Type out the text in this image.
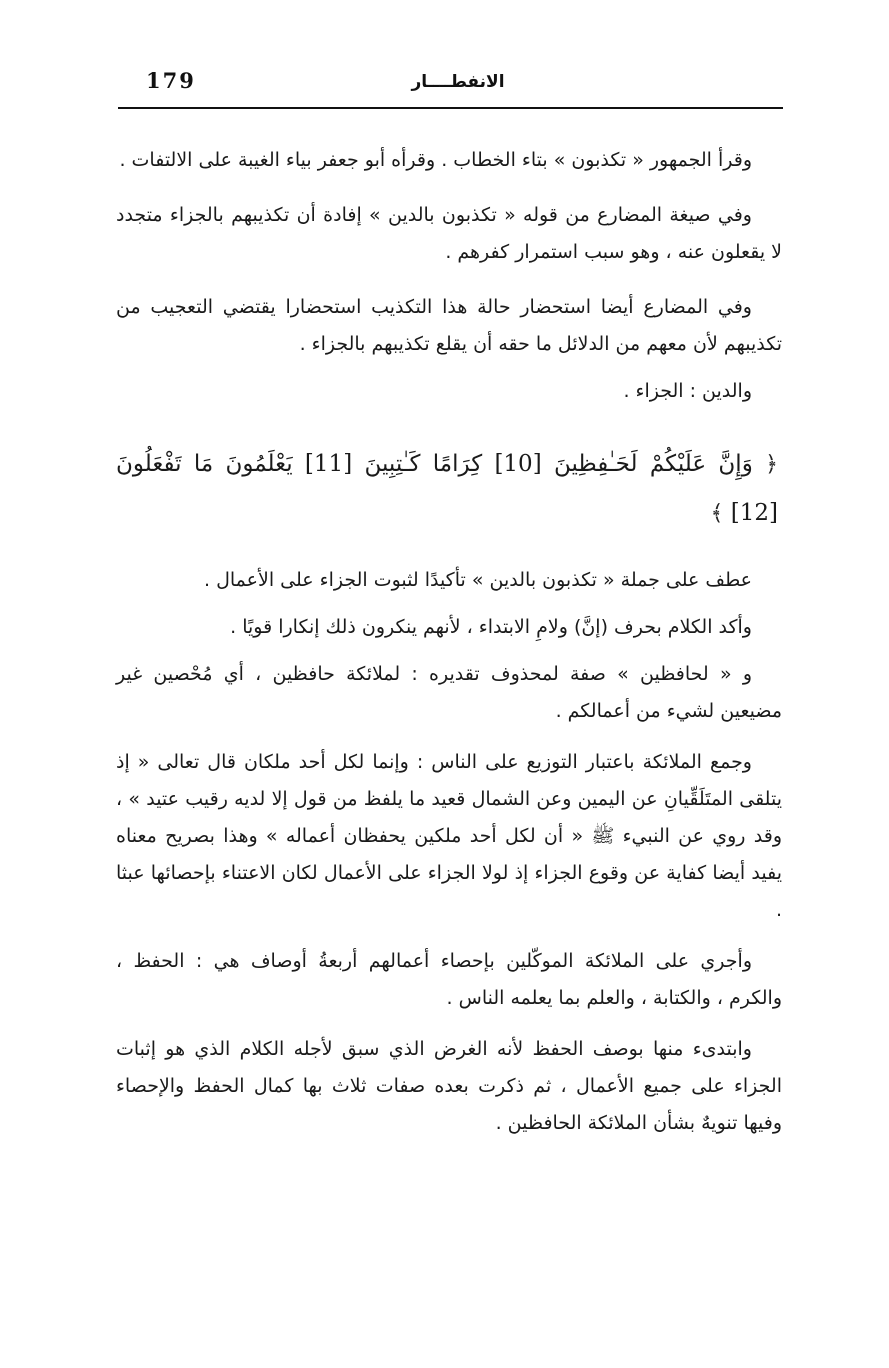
179	الانفطــــار

وقرأ الجمهور « تكذبون » بتاء الخطاب . وقرأه أبو جعفر بياء الغيبة على الالتفات .

وفي صيغة المضارع من قوله « تكذبون بالدين » إفادة أن تكذيبهم بالجزاء متجدد لا يقعلون عنه ، وهو سبب استمرار كفرهم .

وفي المضارع أيضا استحضار حالة هذا التكذيب استحضارا يقتضي التعجيب من تكذيبهم لأن معهم من الدلائل ما حقه أن يقلع تكذيبهم بالجزاء .

والدين : الجزاء .

﴿ وَإِنَّ عَلَيْكُمْ لَحَـٰفِظِينَ [10] كِرَامًا كَـٰتِبِينَ [11] يَعْلَمُونَ مَا تَفْعَلُونَ [12] ﴾

عطف على جملة « تكذبون بالدين » تأكيدًا لثبوت الجزاء على الأعمال .

وأكد الكلام بحرف (إنَّ) ولامِ الابتداء ، لأنهم ينكرون ذلك إنكارا قويًا .

و « لحافظين » صفة لمحذوف تقديره : لملائكة حافظين ، أي مُحْصين غير مضيعين لشيء من أعمالكم .

وجمع الملائكة باعتبار التوزيع على الناس : وإنما لكل أحد ملكان قال تعالى « إذ يتلقى المتَلَقِّيانِ عن اليمين وعن الشمال قعيد ما يلفظ من قول إلا لديه رقيب عتيد » ، وقد روي عن النبيء ﷺ « أن لكل أحد ملكين يحفظان أعماله » وهذا بصريح معناه يفيد أيضا كفاية عن وقوع الجزاء إذ لولا الجزاء على الأعمال لكان الاعتناء بإحصائها عبثا .

وأجري على الملائكة الموكّلين بإحصاء أعمالهم أربعةُ أوصاف هي : الحفظ ، والكرم ، والكتابة ، والعلم بما يعلمه الناس .

وابتدىء منها بوصف الحفظ لأنه الغرض الذي سبق لأجله الكلام الذي هو إثبات الجزاء على جميع الأعمال ، ثم ذكرت بعده صفات ثلاث بها كمال الحفظ والإحصاء وفيها تنويهٌ بشأن الملائكة الحافظين .
